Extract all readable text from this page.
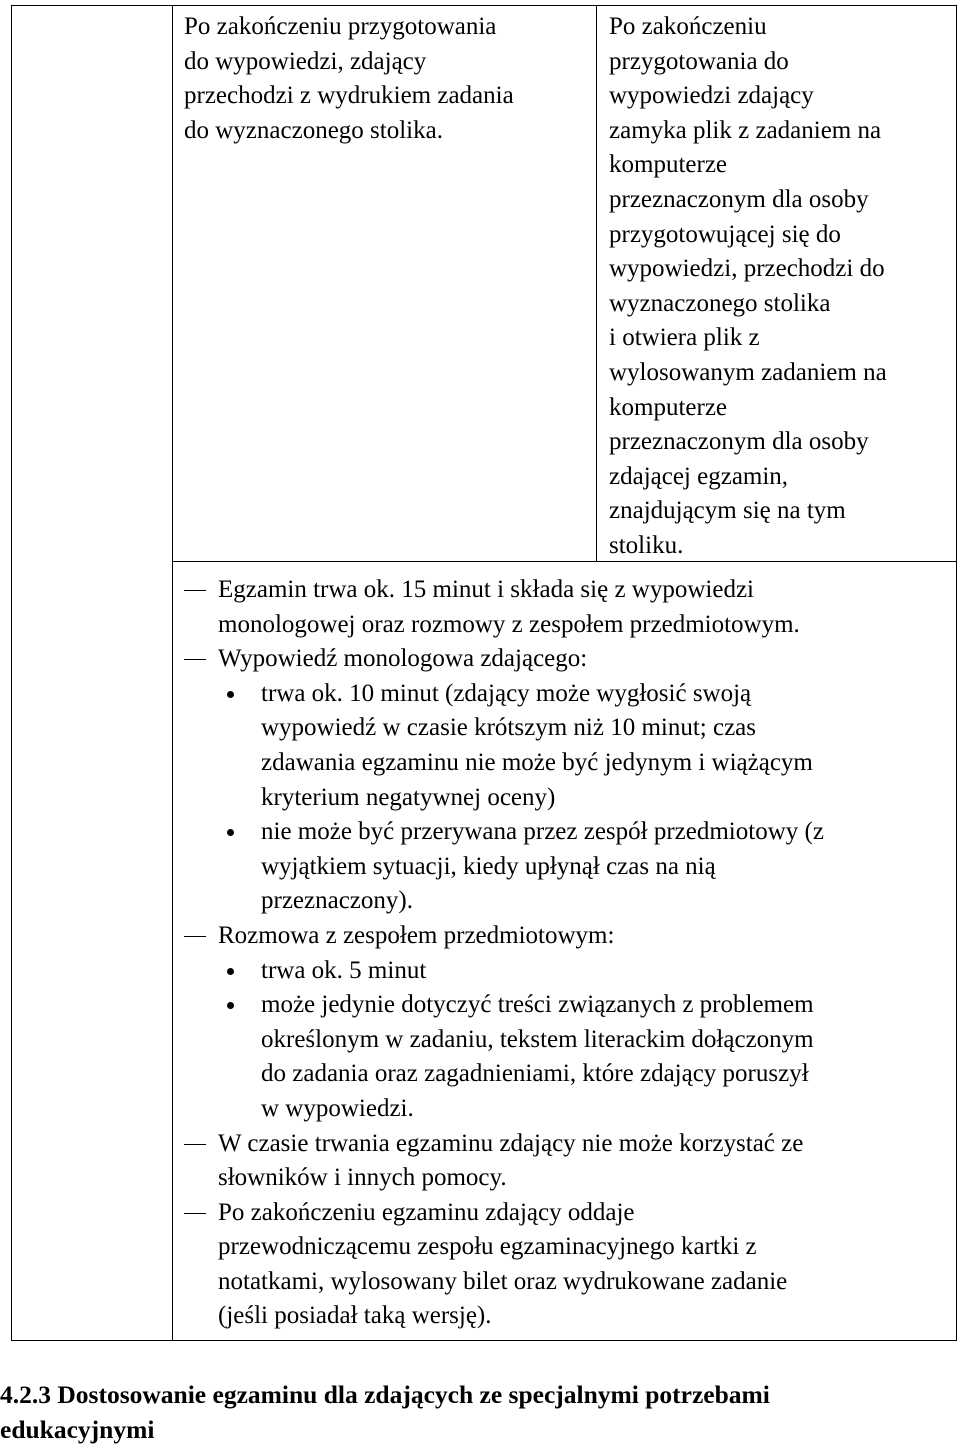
Po zakończeniu przygotowania
do wypowiedzi, zdający
przechodzi z wydrukiem zadania
do wyznaczonego stolika.
Po zakończeniu
przygotowania do
wypowiedzi zdający
zamyka plik z zadaniem na
komputerze
przeznaczonym dla osoby
przygotowującej się do
wypowiedzi, przechodzi do
wyznaczonego stolika
i otwiera plik z
wylosowanym zadaniem na
komputerze
przeznaczonym dla osoby
zdającej egzamin,
znajdującym się na tym
stoliku.
Egzamin trwa ok. 15 minut i składa się z wypowiedzi
monologowej oraz rozmowy z zespołem przedmiotowym.
Wypowiedź monologowa zdającego:
trwa ok. 10 minut (zdający może wygłosić swoją
wypowiedź w czasie krótszym niż 10 minut; czas
zdawania egzaminu nie może być jedynym i wiążącym
kryterium negatywnej oceny)
nie może być przerywana przez zespół przedmiotowy (z
wyjątkiem sytuacji, kiedy upłynął czas na nią
przeznaczony).
Rozmowa z zespołem przedmiotowym:
trwa ok. 5 minut
może jedynie dotyczyć treści związanych z problemem
określonym w zadaniu, tekstem literackim dołączonym
do zadania oraz zagadnieniami, które zdający poruszył
w wypowiedzi.
W czasie trwania egzaminu zdający nie może korzystać ze
słowników i innych pomocy.
Po zakończeniu egzaminu zdający oddaje
przewodniczącemu zespołu egzaminacyjnego kartki z
notatkami, wylosowany bilet oraz wydrukowane zadanie
(jeśli posiadał taką wersję).
4.2.3 Dostosowanie egzaminu dla zdających ze specjalnymi potrzebami
edukacyjnymi
